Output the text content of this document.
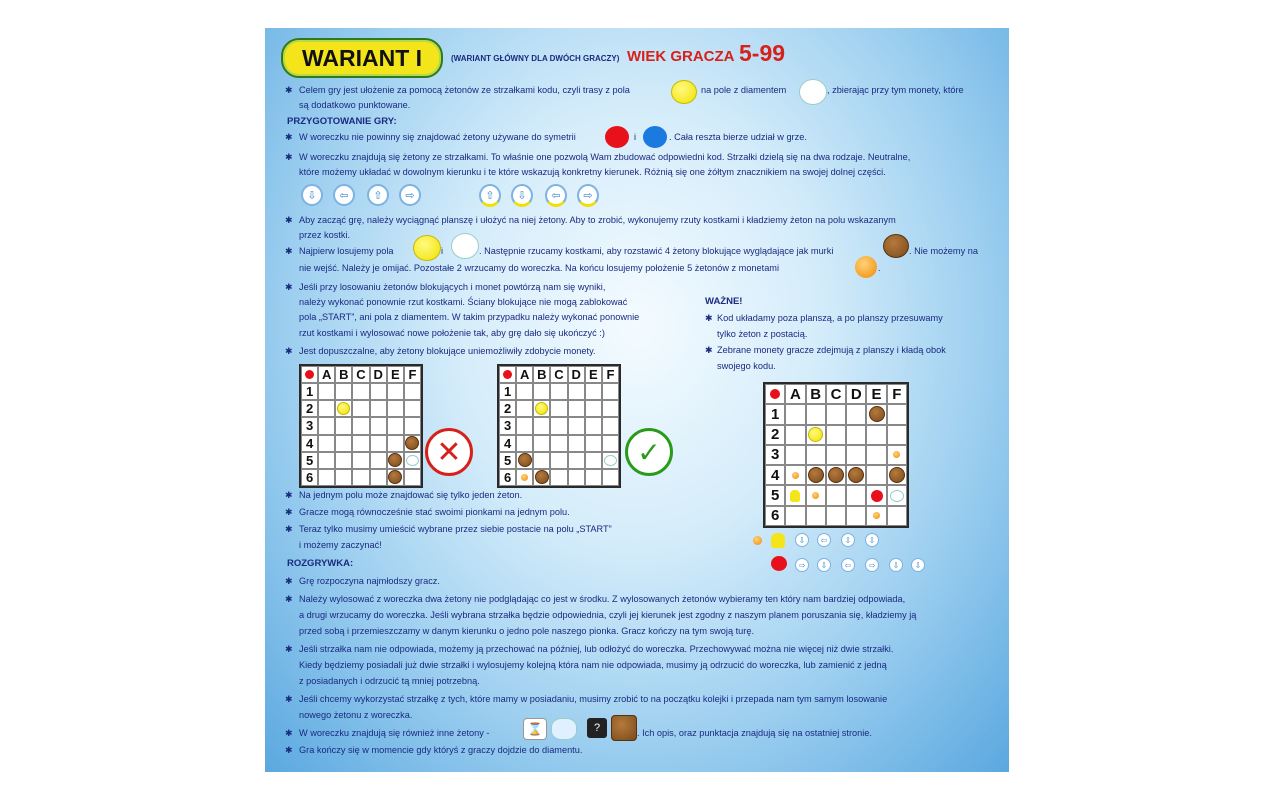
WARIANT I	(WARIANT GŁÓWNY DLA DWÓCH GRACZY) WIEK GRACZA 5-99
✱ Celem gry jest ułożenie za pomocą żetonów ze strzałkami kodu, czyli trasy z pola	na pole z diamentem	, zbierając przy tym monety, które
są dodatkowo punktowane.
PRZYGOTOWANIE GRY:
✱ W woreczku nie powinny się znajdować żetony używane do symetrii	i	. Cała reszta bierze udział w grze.
✱ W woreczku znajdują się żetony ze strzałkami. To właśnie one pozwolą Wam zbudować odpowiedni kod. Strzałki dzielą się na dwa rodzaje. Neutralne,
które możemy układać w dowolnym kierunku i te które wskazują konkretny kierunek. Różnią się one żółtym znacznikiem na swojej dolnej części.
⇩	⇦	⇧	⇨	⇧	⇩	⇦	⇨
✱ Aby zacząć grę, należy wyciągnąć planszę i ułożyć na niej żetony. Aby to zrobić, wykonujemy rzuty kostkami i kładziemy żeton na polu wskazanym
przez kostki.
✱ Najpierw losujemy pola	i	. Następnie rzucamy kostkami, aby rozstawić 4 żetony blokujące wyglądające jak murki	. Nie możemy na
nie wejść. Należy je omijać. Pozostałe 2 wrzucamy do woreczka. Na końcu losujemy położenie 5 żetonów z monetami	.
✱ Jeśli przy losowaniu żetonów blokujących i monet powtórzą nam się wyniki,
należy wykonać ponownie rzut kostkami. Ściany blokujące nie mogą zablokować
pola „START”, ani pola z diamentem. W takim przypadku należy wykonać ponownie
rzut kostkami i wylosować nowe położenie tak, aby grę dało się ukończyć :)
✱ Jest dopuszczalne, aby żetony blokujące uniemożliwiły zdobycie monety.
WAŻNE!
✱ Kod układamy poza planszą, a po planszy przesuwamy
tylko żeton z postacią.
✱ Zebrane monety gracze zdejmują z planszy i kładą obok
swojego kodu.
A B C D E F
1
2
3
4
5
6
✕
A B C D E F
1
2
3
4
5
6
✓
A B C D E F
1
2
3
4
5
6
⇩	⇦	⇩	⇩
⇨	⇩	⇦	⇨	⇩	⇩
✱ Na jednym polu może znajdować się tylko jeden żeton.
✱ Gracze mogą równocześnie stać swoimi pionkami na jednym polu.
✱ Teraz tylko musimy umieścić wybrane przez siebie postacie na polu „START”
i możemy zaczynać!
ROZGRYWKA:
✱ Grę rozpoczyna najmłodszy gracz.
✱ Należy wylosować z woreczka dwa żetony nie podglądając co jest w środku. Z wylosowanych żetonów wybieramy ten który nam bardziej odpowiada,
a drugi wrzucamy do woreczka. Jeśli wybrana strzałka będzie odpowiednia, czyli jej kierunek jest zgodny z naszym planem poruszania się, kładziemy ją
przed sobą i przemieszczamy w danym kierunku o jedno pole naszego pionka. Gracz kończy na tym swoją turę.
✱ Jeśli strzałka nam nie odpowiada, możemy ją przechować na później, lub odłożyć do woreczka. Przechowywać można nie więcej niż dwie strzałki.
Kiedy będziemy posiadali już dwie strzałki i wylosujemy kolejną która nam nie odpowiada, musimy ją odrzucić do woreczka, lub zamienić z jedną
z posiadanych i odrzucić tą mniej potrzebną.
✱ Jeśli chcemy wykorzystać strzałkę z tych, które mamy w posiadaniu, musimy zrobić to na początku kolejki i przepada nam tym samym losowanie
nowego żetonu z woreczka.
✱ W woreczku znajdują się również inne żetony -	⌛	?	. Ich opis, oraz punktacja znajdują się na ostatniej stronie.
✱ Gra kończy się w momencie gdy któryś z graczy dojdzie do diamentu.
